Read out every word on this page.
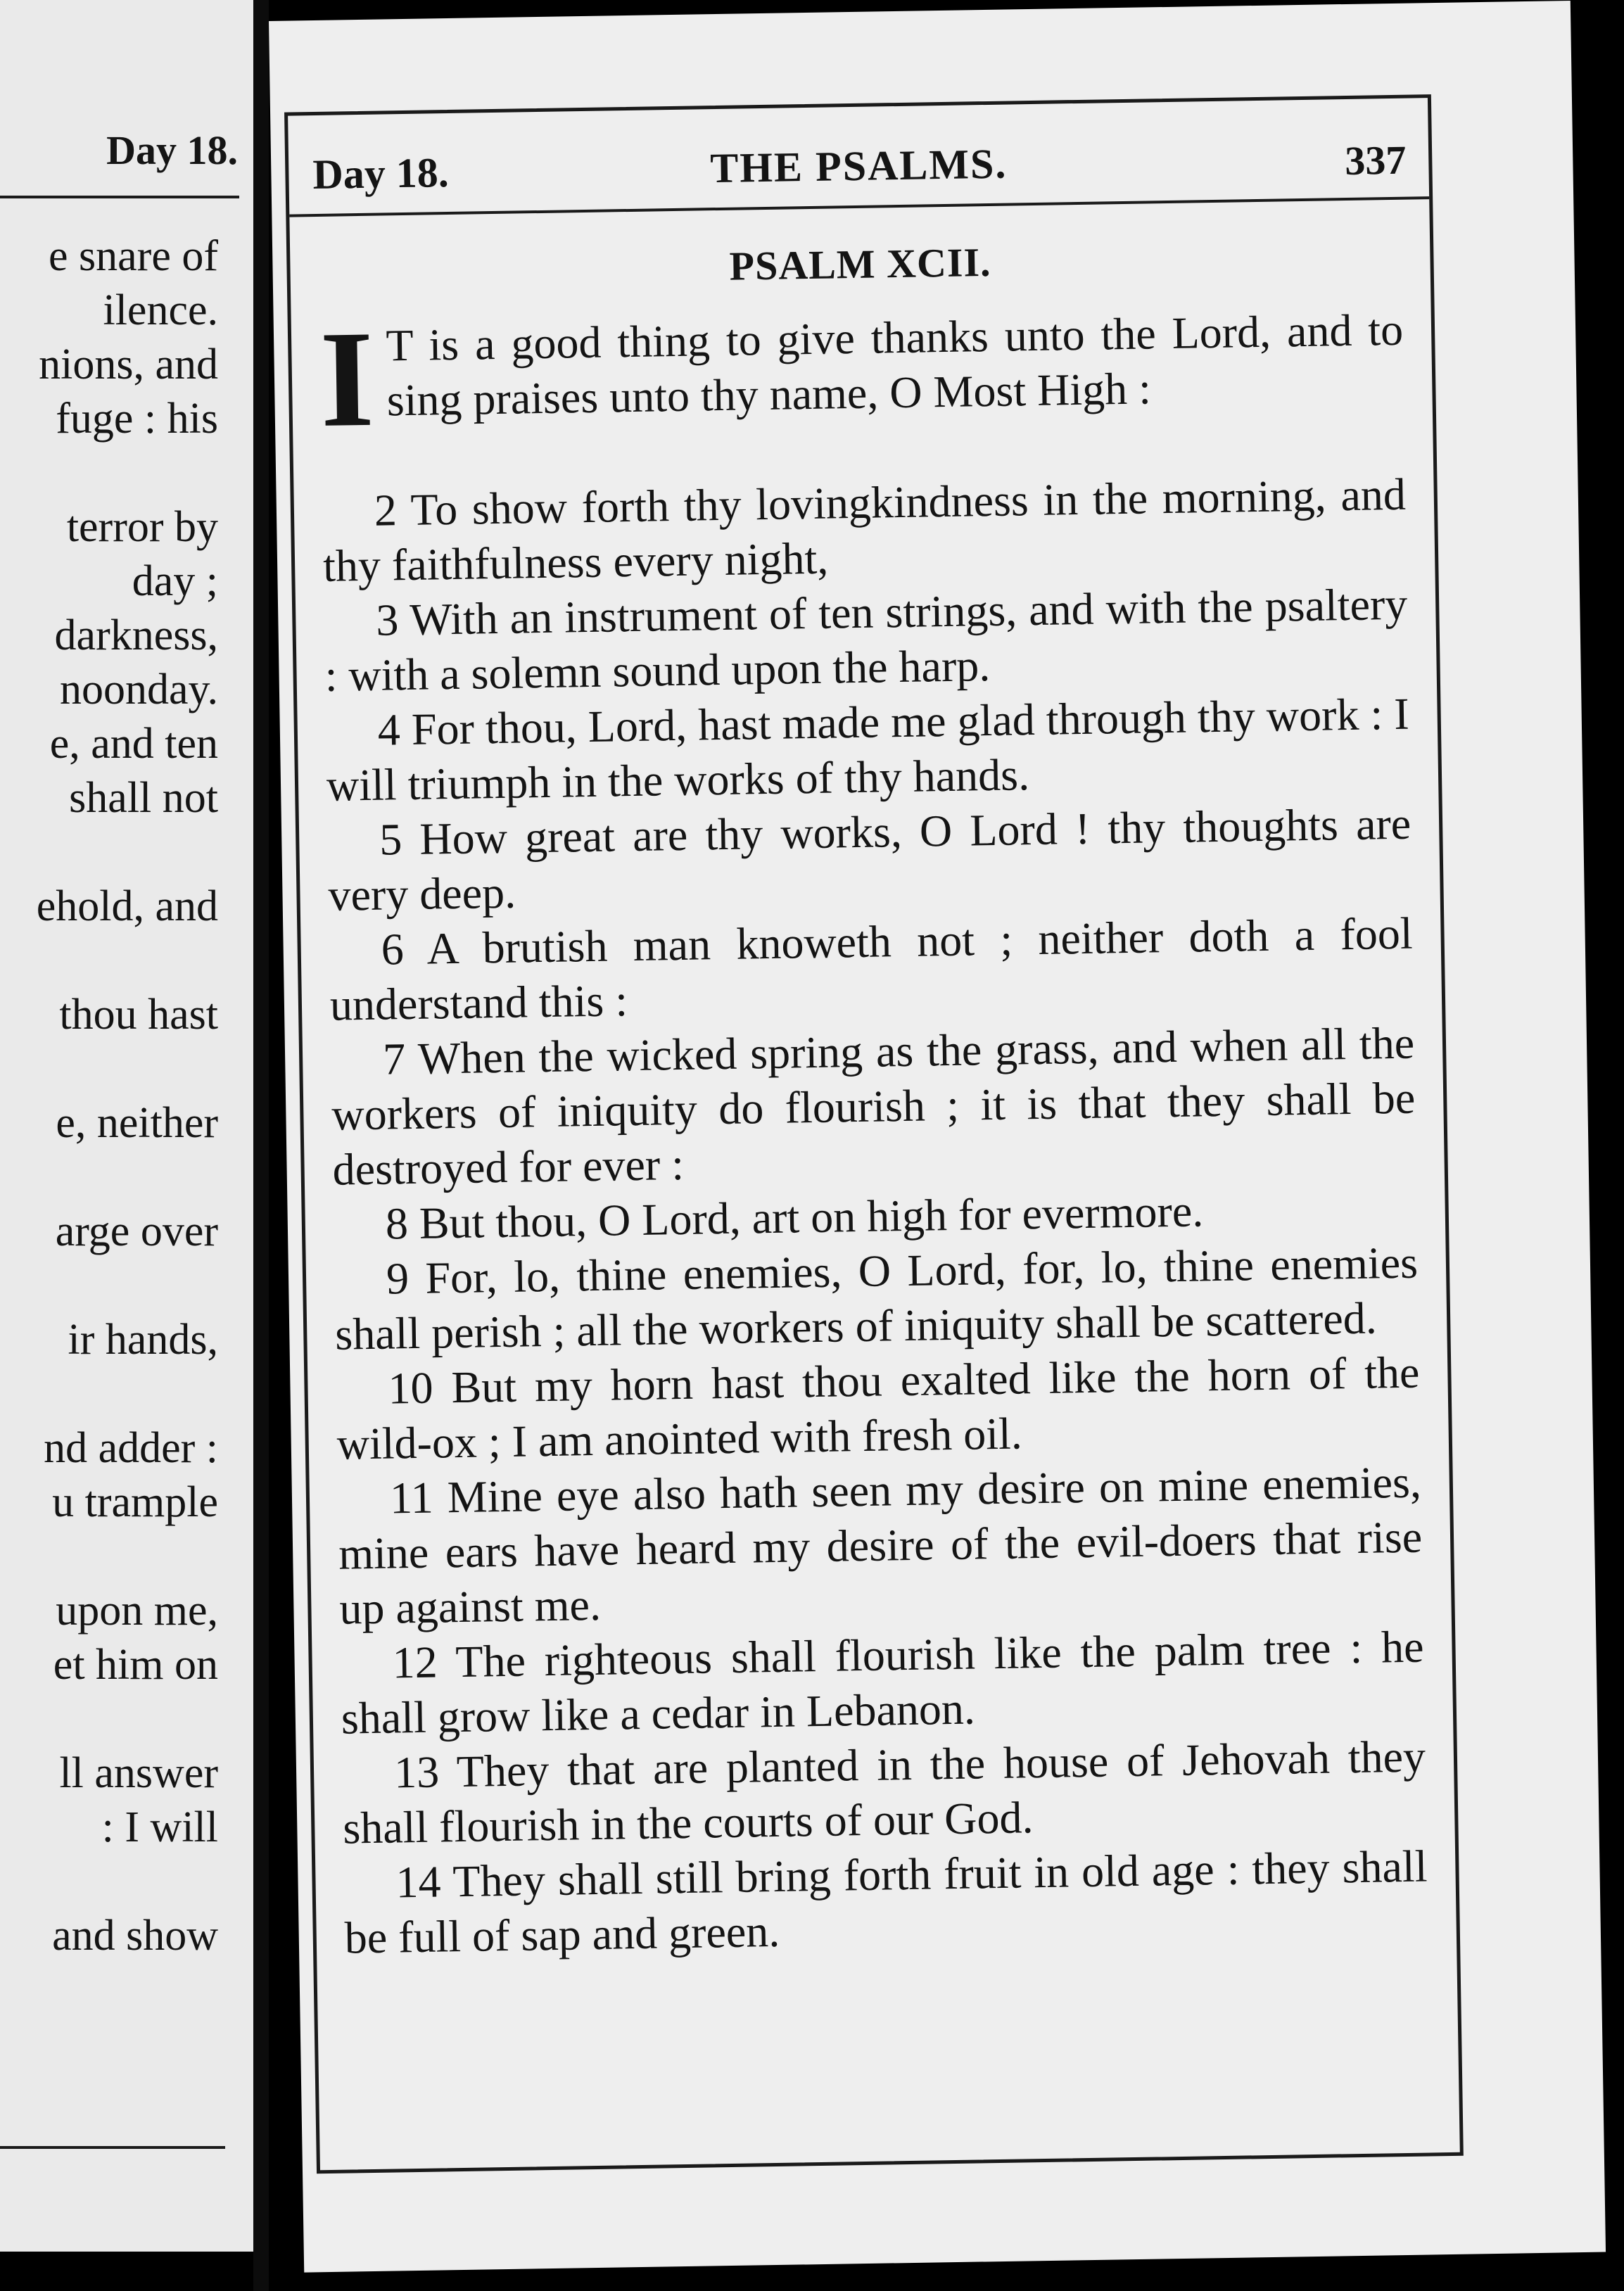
Day 18.
e snare of
ilence.
nions, and
fuge : his
terror by
day ;
darkness,
noonday.
e, and ten
shall not
ehold, and
thou hast
e, neither
arge over
ir hands,
nd adder :
u trample
upon me,
et him on
ll answer
: I will
and show
Day 18.	THE PSALMS.	337
PSALM XCII.

I T is a good thing to give thanks unto the Lord, and to sing praises unto thy name, O Most High :

2 To show forth thy lovingkindness in the morning, and thy faithfulness every night,

3 With an instrument of ten strings, and with the psaltery : with a solemn sound upon the harp.

4 For thou, Lord, hast made me glad through thy work : I will triumph in the works of thy hands.

5 How great are thy works, O Lord ! thy thoughts are very deep.

6 A brutish man knoweth not ; neither doth a fool understand this :

7 When the wicked spring as the grass, and when all the workers of iniquity do flourish ; it is that they shall be destroyed for ever :

8 But thou, O Lord, art on high for evermore.

9 For, lo, thine enemies, O Lord, for, lo, thine enemies shall perish ; all the workers of iniquity shall be scattered.

10 But my horn hast thou exalted like the horn of the wild-ox ; I am anointed with fresh oil.

11 Mine eye also hath seen my desire on mine enemies, mine ears have heard my desire of the evil-doers that rise up against me.

12 The righteous shall flourish like the palm tree : he shall grow like a cedar in Lebanon.

13 They that are planted in the house of Jehovah they shall flourish in the courts of our God.

14 They shall still bring forth fruit in old age : they shall be full of sap and green.
